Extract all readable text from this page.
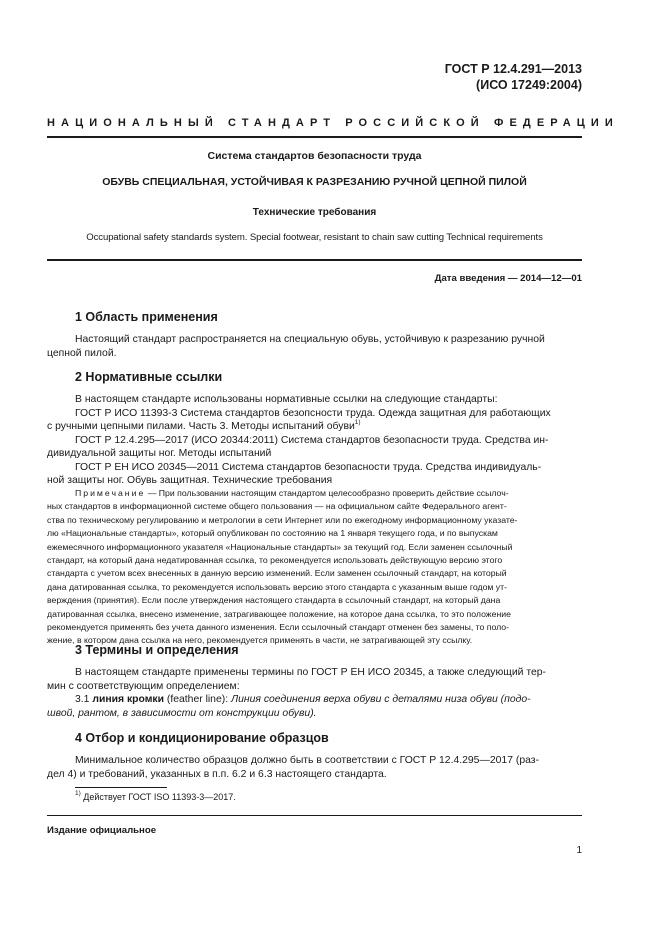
ГОСТ Р 12.4.291—2013
(ИСО 17249:2004)
НАЦИОНАЛЬНЫЙ СТАНДАРТ РОССИЙСКОЙ ФЕДЕРАЦИИ
Система стандартов безопасности труда
ОБУВЬ СПЕЦИАЛЬНАЯ, УСТОЙЧИВАЯ К РАЗРЕЗАНИЮ РУЧНОЙ ЦЕПНОЙ ПИЛОЙ
Технические требования
Occupational safety standards system. Special footwear, resistant to chain saw cutting Technical requirements
Дата введения — 2014—12—01
1 Область применения
Настоящий стандарт распространяется на специальную обувь, устойчивую к разрезанию ручной
цепной пилой.
2 Нормативные ссылки
В настоящем стандарте использованы нормативные ссылки на следующие стандарты:
ГОСТ Р ИСО 11393-3 Система стандартов безопсности труда. Одежда защитная для работающих
с ручными цепными пилами. Часть 3. Методы испытаний обуви$^{1)}$
ГОСТ Р 12.4.295—2017 (ИСО 20344:2011) Система стандартов безопасности труда. Средства ин-
дивидуальной защиты ног. Методы испытаний
ГОСТ Р ЕН ИСО 20345—2011 Система стандартов безопасности труда. Средства индивидуаль-
ной защиты ног. Обувь защитная. Технические требования
Примечание — При пользовании настоящим стандартом целесообразно проверить действие ссылоч-
ных стандартов в информационной системе общего пользования — на официальном сайте Федерального агент-
ства по техническому регулированию и метрологии в сети Интернет или по ежегодному информационному указате-
лю «Национальные стандарты», который опубликован по состоянию на 1 января текущего года, и по выпускам
ежемесячного информационного указателя «Национальные стандарты» за текущий год. Если заменен ссылочный
стандарт, на который дана недатированная ссылка, то рекомендуется использовать действующую версию этого
стандарта с учетом всех внесенных в данную версию изменений. Если заменен ссылочный стандарт, на который
дана датированная ссылка, то рекомендуется использовать версию этого стандарта с указанным выше годом ут-
верждения (принятия). Если после утверждения настоящего стандарта в ссылочный стандарт, на который дана
датированная ссылка, внесено изменение, затрагивающее положение, на которое дана ссылка, то это положение
рекомендуется применять без учета данного изменения. Если ссылочный стандарт отменен без замены, то поло-
жение, в котором дана ссылка на него, рекомендуется применять в части, не затрагивающей эту ссылку.
3 Термины и определения
В настоящем стандарте применены термины по ГОСТ Р ЕН ИСО 20345, а также следующий тер-
мин с соответствующим определением:
3.1 линия кромки (feather line): Линия соединения верха обуви с деталями низа обуви (подо-
швой, рантом, в зависимости от конструкции обуви).
4 Отбор и кондиционирование образцов
Минимальное количество образцов должно быть в соответствии с ГОСТ Р 12.4.295—2017 (раз-
дел 4) и требований, указанных в п.п. 6.2 и 6.3 настоящего стандарта.
$^{1)}$ Действует ГОСТ ISO 11393-3—2017.
Издание официальное
1
